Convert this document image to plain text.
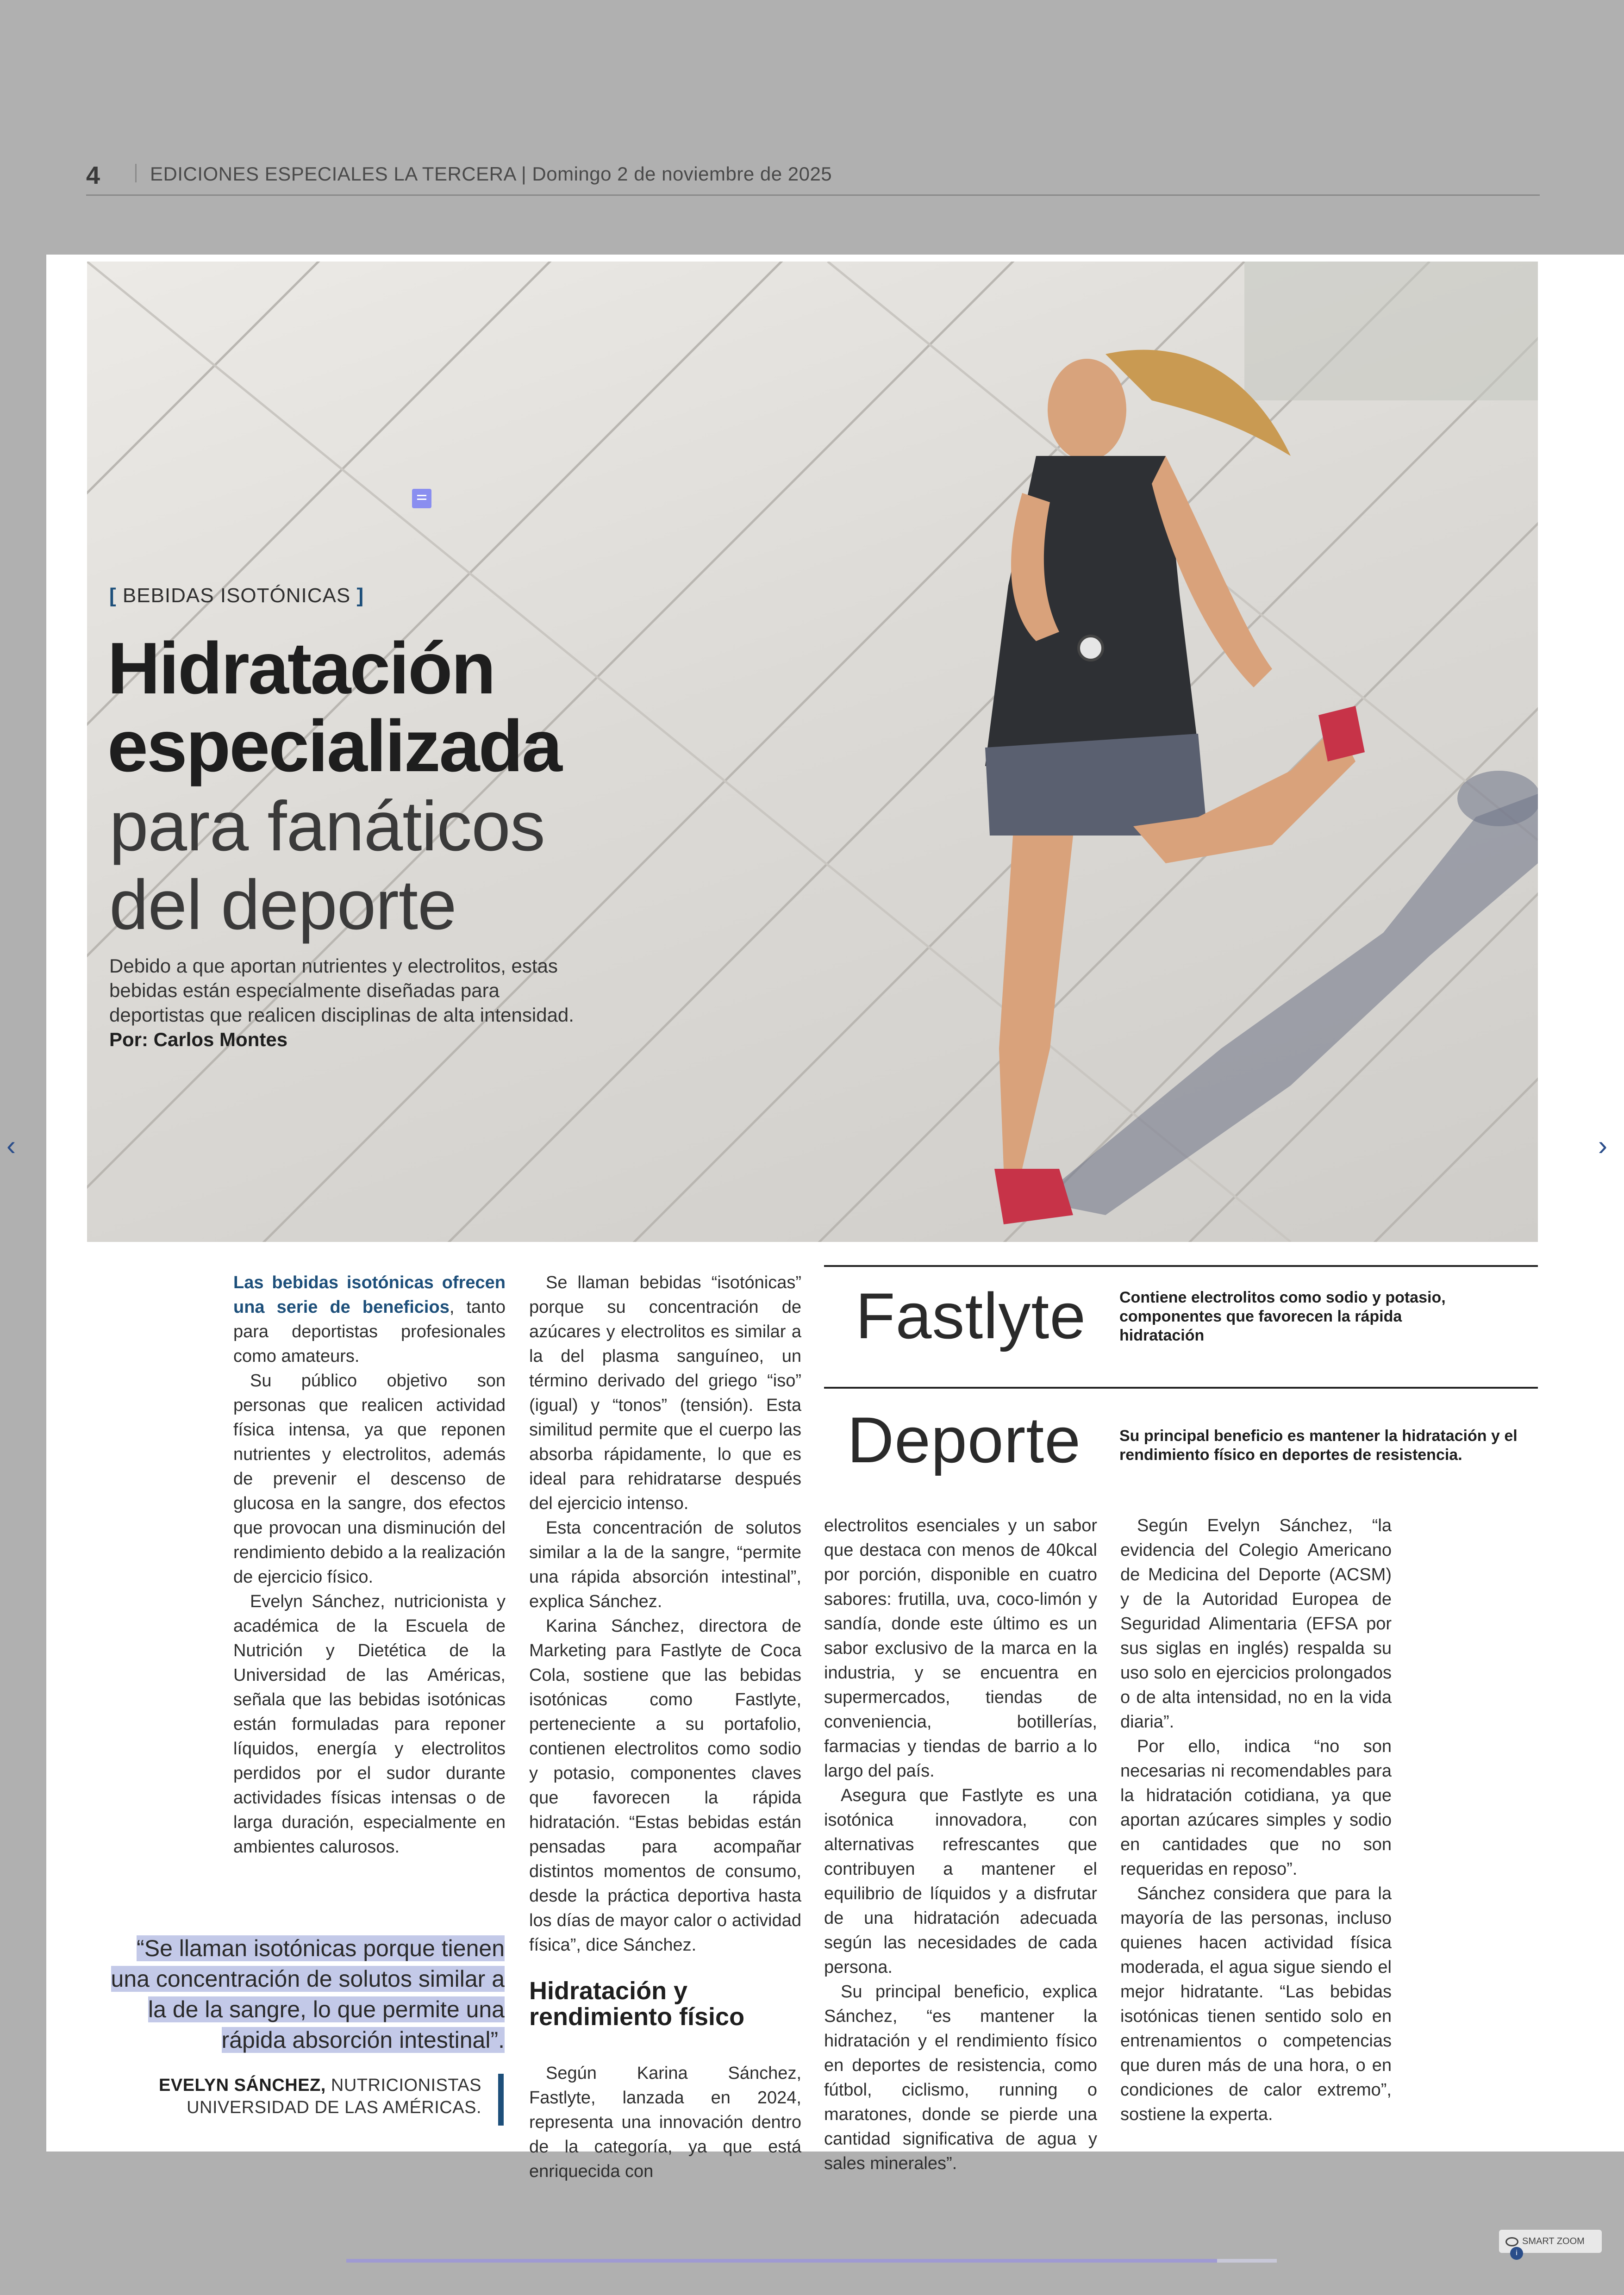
4	EDICIONES ESPECIALES LA TERCERA | Domingo 2 de noviembre de 2025
[ BEBIDAS ISOTÓNICAS ]
Hidratación especializada
para fanáticos del deporte
Debido a que aportan nutrientes y electrolitos, estas bebidas están especialmente diseñadas para deportistas que realicen disciplinas de alta intensidad. Por: Carlos Montes

Las bebidas isotónicas ofrecen una serie de beneficios, tanto para deportistas profesionales como amateurs.

Su público objetivo son personas que realicen actividad física intensa, ya que reponen nutrientes y electrolitos, además de prevenir el descenso de glucosa en la sangre, dos efectos que provocan una disminución del rendimiento debido a la realización de ejercicio físico.

Evelyn Sánchez, nutricionista y académica de la Escuela de Nutrición y Dietética de la Universidad de las Américas, señala que las bebidas isotónicas están formuladas para reponer líquidos, energía y electrolitos perdidos por el sudor durante actividades físicas intensas o de larga duración, especialmente en ambientes calurosos.

Se llaman bebidas “isotónicas” porque su concentración de azúcares y electrolitos es similar a la del plasma sanguíneo, un término derivado del griego “iso” (igual) y “tonos” (tensión). Esta similitud permite que el cuerpo las absorba rápidamente, lo que es ideal para rehidratarse después del ejercicio intenso.

Esta concentración de solutos similar a la de la sangre, “permite una rápida absorción intestinal”, explica Sánchez.

Karina Sánchez, directora de Marketing para Fastlyte de Coca Cola, sostiene que las bebidas isotónicas como Fastlyte, perteneciente a su portafolio, contienen electrolitos como sodio y potasio, componentes claves que favorecen la rápida hidratación. “Estas bebidas están pensadas para acompañar distintos momentos de consumo, desde la práctica deportiva hasta los días de mayor calor o actividad física”, dice Sánchez.

Hidratación y rendimiento físico

Según Karina Sánchez, Fastlyte, lanzada en 2024, representa una innovación dentro de la categoría, ya que está enriquecida con

electrolitos esenciales y un sabor que destaca con menos de 40kcal por porción, disponible en cuatro sabores: frutilla, uva, coco-limón y sandía, donde este último es un sabor exclusivo de la marca en la industria, y se encuentra en supermercados, tiendas de conveniencia, botillerías, farmacias y tiendas de barrio a lo largo del país.

Asegura que Fastlyte es una isotónica innovadora, con alternativas refrescantes que contribuyen a mantener el equilibrio de líquidos y a disfrutar de una hidratación adecuada según las necesidades de cada persona.

Su principal beneficio, explica Sánchez, “es mantener la hidratación y el rendimiento físico en deportes de resistencia, como fútbol, ciclismo, running o maratones, donde se pierde una cantidad significativa de agua y sales minerales”.

Según Evelyn Sánchez, “la evidencia del Colegio Americano de Medicina del Deporte (ACSM) y de la Autoridad Europea de Seguridad Alimentaria (EFSA por sus siglas en inglés) respalda su uso solo en ejercicios prolongados o de alta intensidad, no en la vida diaria”.

Por ello, indica “no son necesarias ni recomendables para la hidratación cotidiana, ya que aportan azúcares simples y sodio en cantidades que no son requeridas en reposo”.

Sánchez considera que para la mayoría de las personas, incluso quienes hacen actividad física moderada, el agua sigue siendo el mejor hidratante. “Las bebidas isotónicas tienen sentido solo en entrenamientos o competencias que duren más de una hora, o en condiciones de calor extremo”, sostiene la experta.

Fastlyte Contiene electrolitos como sodio y potasio, componentes que favorecen la rápida hidratación
Deporte Su principal beneficio es mantener la hidratación y el rendimiento físico en deportes de resistencia.
“Se llaman isotónicas porque tienen una concentración de solutos similar a la de la sangre, lo que permite una rápida absorción intestinal”.
EVELYN SÁNCHEZ, NUTRICIONISTAS UNIVERSIDAD DE LAS AMÉRICAS.
‹	›
SMART ZOOMi
